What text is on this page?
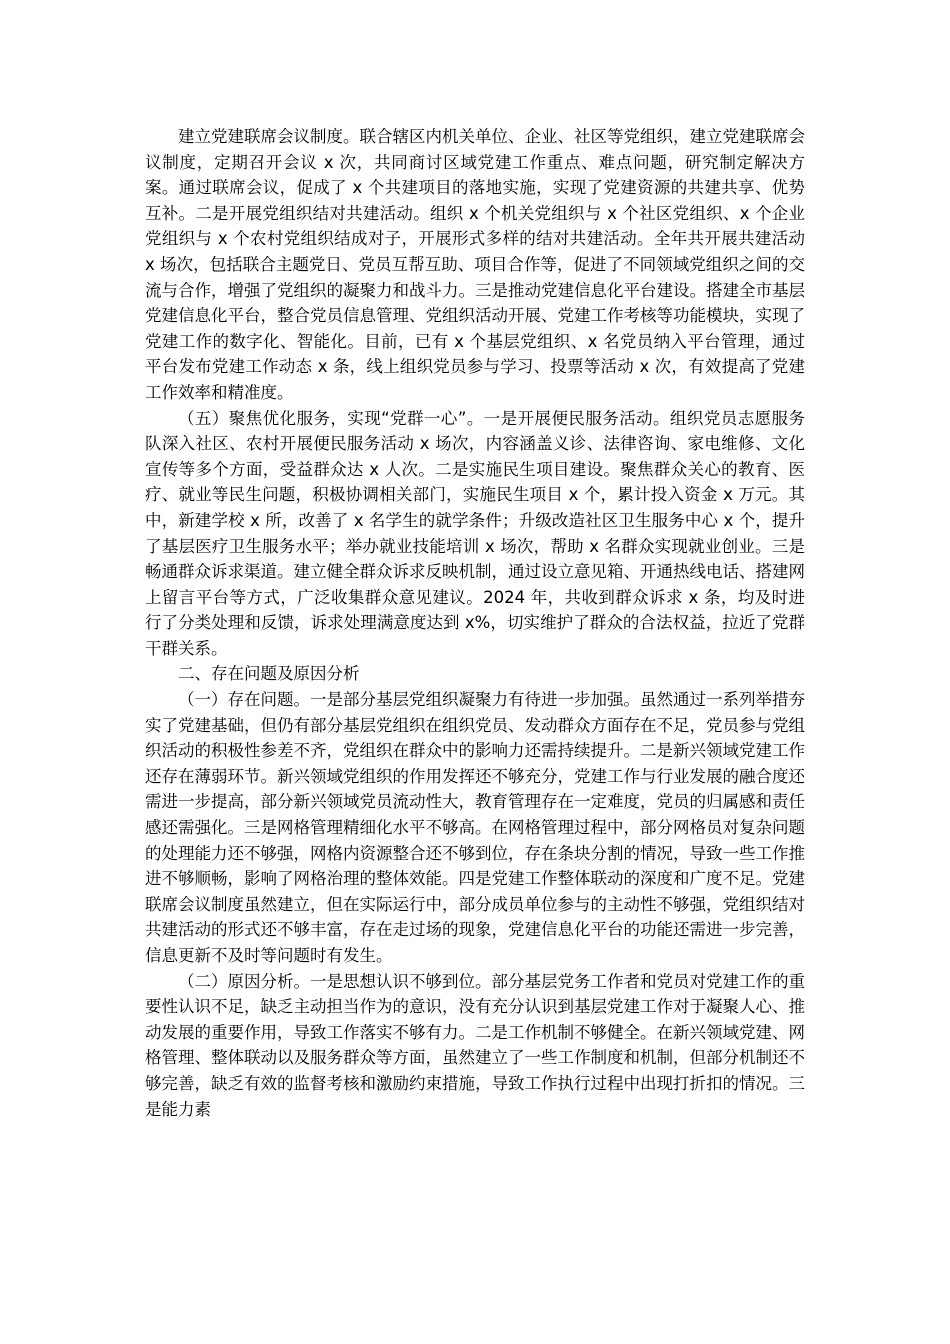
建立党建联席会议制度。联合辖区内机关单位、企业、社区等党组织，建立党建联席会议制度，定期召开会议 x 次，共同商讨区域党建工作重点、难点问题，研究制定解决方案。通过联席会议，促成了 x 个共建项目的落地实施，实现了党建资源的共建共享、优势互补。二是开展党组织结对共建活动。组织 x 个机关党组织与 x 个社区党组织、x 个企业党组织与 x 个农村党组织结成对子，开展形式多样的结对共建活动。全年共开展共建活动 x 场次，包括联合主题党日、党员互帮互助、项目合作等，促进了不同领域党组织之间的交流与合作，增强了党组织的凝聚力和战斗力。三是推动党建信息化平台建设。搭建全市基层党建信息化平台，整合党员信息管理、党组织活动开展、党建工作考核等功能模块，实现了党建工作的数字化、智能化。目前，已有 x 个基层党组织、x 名党员纳入平台管理，通过平台发布党建工作动态 x 条，线上组织党员参与学习、投票等活动 x 次，有效提高了党建工作效率和精准度。

（五）聚焦优化服务，实现“党群一心”。一是开展便民服务活动。组织党员志愿服务队深入社区、农村开展便民服务活动 x 场次，内容涵盖义诊、法律咨询、家电维修、文化宣传等多个方面，受益群众达 x 人次。二是实施民生项目建设。聚焦群众关心的教育、医疗、就业等民生问题，积极协调相关部门，实施民生项目 x 个，累计投入资金 x 万元。其中，新建学校 x 所，改善了 x 名学生的就学条件；升级改造社区卫生服务中心 x 个，提升了基层医疗卫生服务水平；举办就业技能培训 x 场次，帮助 x 名群众实现就业创业。三是畅通群众诉求渠道。建立健全群众诉求反映机制，通过设立意见箱、开通热线电话、搭建网上留言平台等方式，广泛收集群众意见建议。2024 年，共收到群众诉求 x 条，均及时进行了分类处理和反馈，诉求处理满意度达到 x%，切实维护了群众的合法权益，拉近了党群干群关系。

二、存在问题及原因分析

（一）存在问题。一是部分基层党组织凝聚力有待进一步加强。虽然通过一系列举措夯实了党建基础，但仍有部分基层党组织在组织党员、发动群众方面存在不足，党员参与党组织活动的积极性参差不齐，党组织在群众中的影响力还需持续提升。二是新兴领域党建工作还存在薄弱环节。新兴领域党组织的作用发挥还不够充分，党建工作与行业发展的融合度还需进一步提高，部分新兴领域党员流动性大，教育管理存在一定难度，党员的归属感和责任感还需强化。三是网格管理精细化水平不够高。在网格管理过程中，部分网格员对复杂问题的处理能力还不够强，网格内资源整合还不够到位，存在条块分割的情况，导致一些工作推进不够顺畅，影响了网格治理的整体效能。四是党建工作整体联动的深度和广度不足。党建联席会议制度虽然建立，但在实际运行中，部分成员单位参与的主动性不够强，党组织结对共建活动的形式还不够丰富，存在走过场的现象，党建信息化平台的功能还需进一步完善，信息更新不及时等问题时有发生。

（二）原因分析。一是思想认识不够到位。部分基层党务工作者和党员对党建工作的重要性认识不足，缺乏主动担当作为的意识，没有充分认识到基层党建工作对于凝聚人心、推动发展的重要作用，导致工作落实不够有力。二是工作机制不够健全。在新兴领域党建、网格管理、整体联动以及服务群众等方面，虽然建立了一些工作制度和机制，但部分机制还不够完善，缺乏有效的监督考核和激励约束措施，导致工作执行过程中出现打折扣的情况。三是能力素
